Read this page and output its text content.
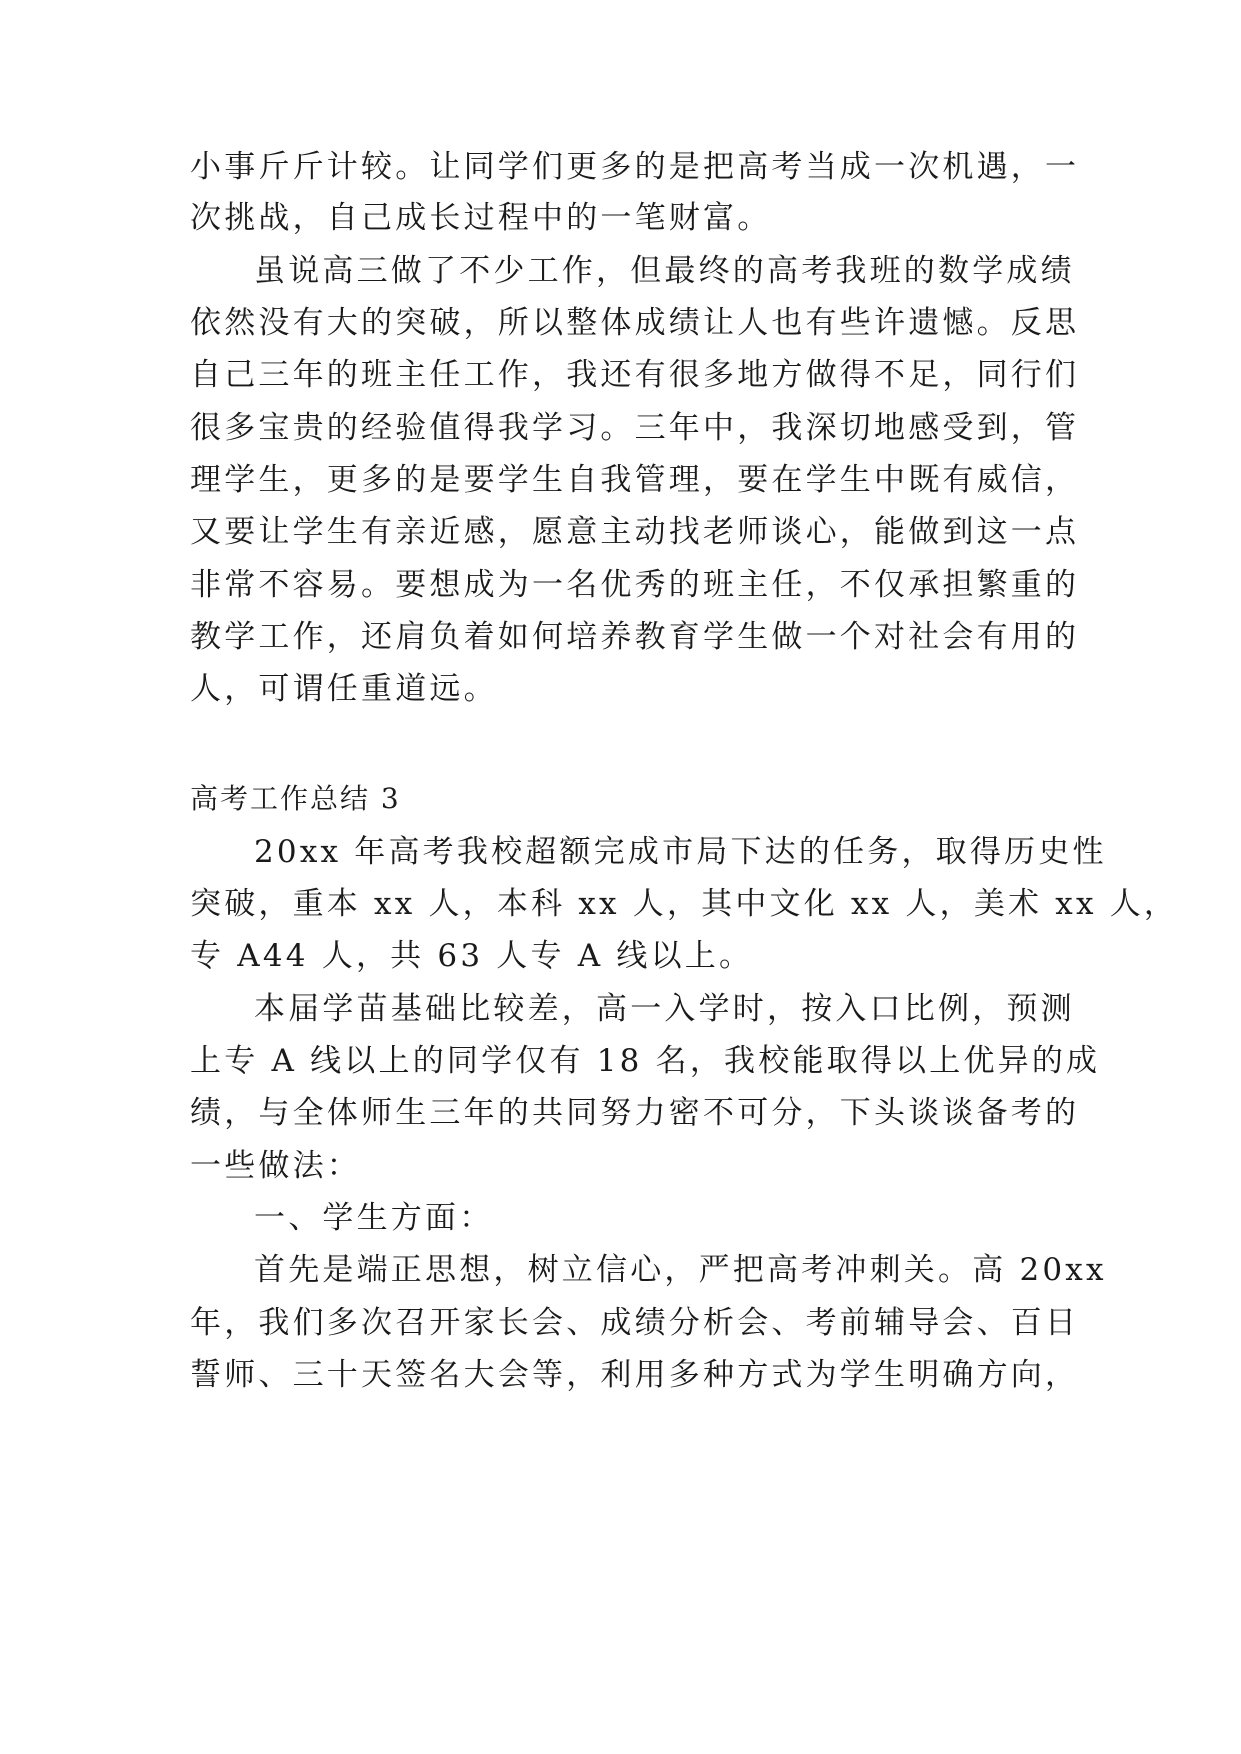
小事斤斤计较。让同学们更多的是把高考当成一次机遇，一
次挑战，自己成长过程中的一笔财富。
虽说高三做了不少工作，但最终的高考我班的数学成绩
依然没有大的突破，所以整体成绩让人也有些许遗憾。反思
自己三年的班主任工作，我还有很多地方做得不足，同行们
很多宝贵的经验值得我学习。三年中，我深切地感受到，管
理学生，更多的是要学生自我管理，要在学生中既有威信，
又要让学生有亲近感，愿意主动找老师谈心，能做到这一点
非常不容易。要想成为一名优秀的班主任，不仅承担繁重的
教学工作，还肩负着如何培养教育学生做一个对社会有用的
人，可谓任重道远。
高考工作总结 3
20xx 年高考我校超额完成市局下达的任务，取得历史性
突破，重本 xx 人，本科 xx 人，其中文化 xx 人，美术 xx 人，
专 A44 人，共 63 人专 A 线以上。
本届学苗基础比较差，高一入学时，按入口比例，预测
上专 A 线以上的同学仅有 18 名，我校能取得以上优异的成
绩，与全体师生三年的共同努力密不可分，下头谈谈备考的
一些做法：
一、学生方面：
首先是端正思想，树立信心，严把高考冲刺关。高 20xx
年，我们多次召开家长会、成绩分析会、考前辅导会、百日
誓师、三十天签名大会等，利用多种方式为学生明确方向，
